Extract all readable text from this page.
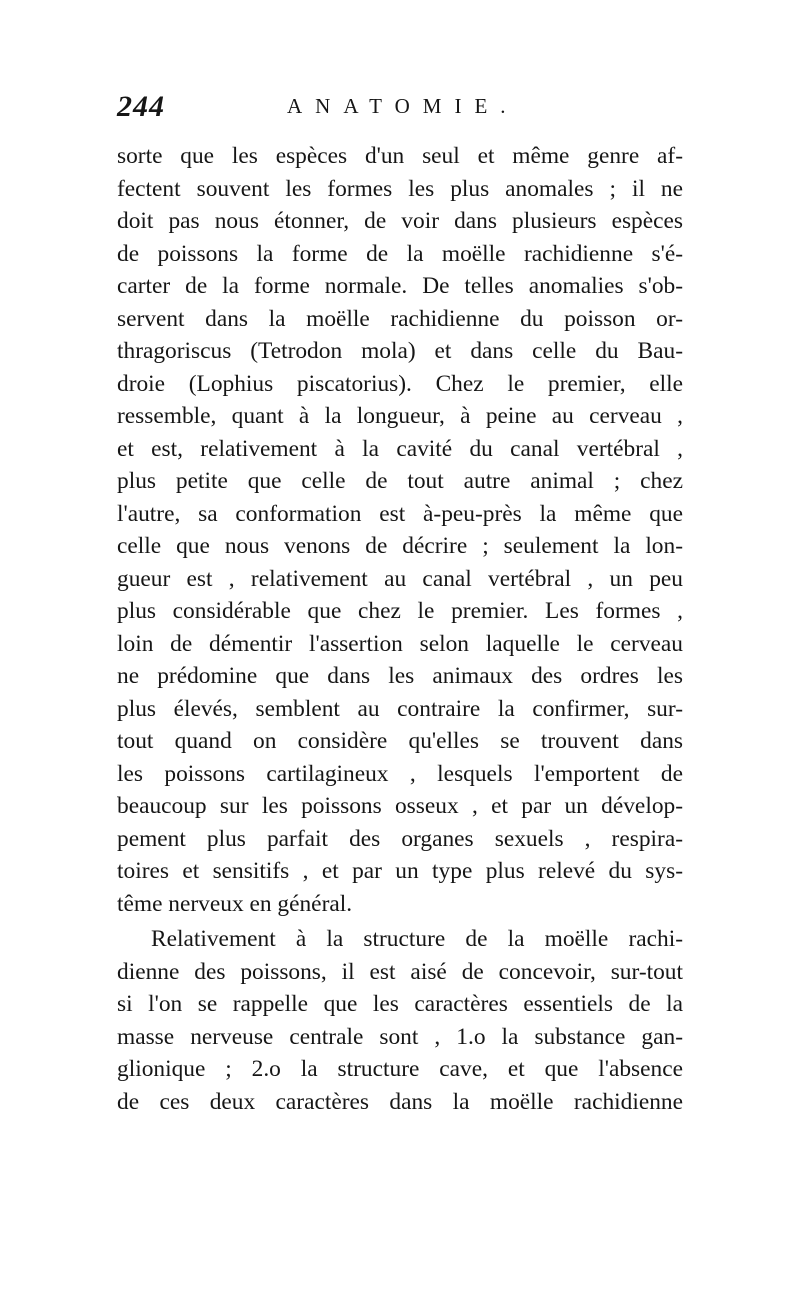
244	ANATOMIE.
sorte que les espèces d'un seul et même genre af-
fectent souvent les formes les plus anomales ; il ne
doit pas nous étonner, de voir dans plusieurs espèces
de poissons la forme de la moëlle rachidienne s'é-
carter de la forme normale. De telles anomalies s'ob-
servent dans la moëlle rachidienne du poisson or-
thragoriscus (Tetrodon mola) et dans celle du Bau-
droie (Lophius piscatorius). Chez le premier, elle
ressemble, quant à la longueur, à peine au cerveau ,
et est, relativement à la cavité du canal vertébral ,
plus petite que celle de tout autre animal ; chez
l'autre, sa conformation est à-peu-près la même que
celle que nous venons de décrire ; seulement la lon-
gueur est , relativement au canal vertébral , un peu
plus considérable que chez le premier. Les formes ,
loin de démentir l'assertion selon laquelle le cerveau
ne prédomine que dans les animaux des ordres les
plus élevés, semblent au contraire la confirmer, sur-
tout quand on considère qu'elles se trouvent dans
les poissons cartilagineux , lesquels l'emportent de
beaucoup sur les poissons osseux , et par un dévelop-
pement plus parfait des organes sexuels , respira-
toires et sensitifs , et par un type plus relevé du sys-
tême nerveux en général.
Relativement à la structure de la moëlle rachi-
dienne des poissons, il est aisé de concevoir, sur-tout
si l'on se rappelle que les caractères essentiels de la
masse nerveuse centrale sont , 1.o la substance gan-
glionique ; 2.o la structure cave, et que l'absence
de ces deux caractères dans la moëlle rachidienne
